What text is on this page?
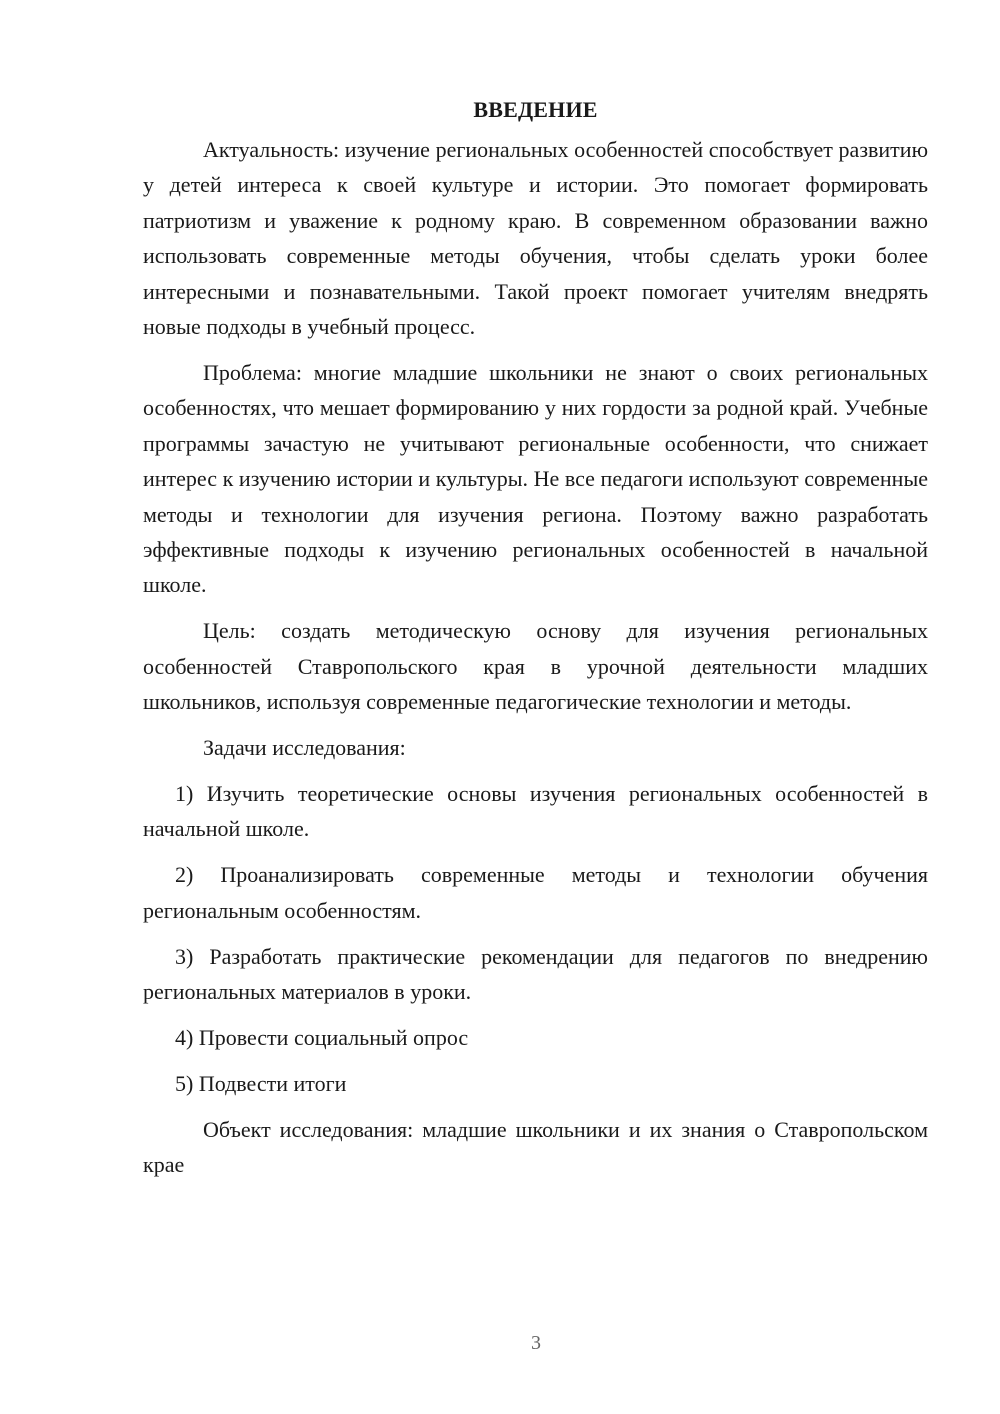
ВВЕДЕНИЕ

Актуальность: изучение региональных особенностей способствует развитию у детей интереса к своей культуре и истории. Это помогает формировать патриотизм и уважение к родному краю. В современном образовании важно использовать современные методы обучения, чтобы сделать уроки более интересными и познавательными. Такой проект помогает учителям внедрять новые подходы в учебный процесс.

Проблема: многие младшие школьники не знают о своих региональных особенностях, что мешает формированию у них гордости за родной край. Учебные программы зачастую не учитывают региональные особенности, что снижает интерес к изучению истории и культуры. Не все педагоги используют современные методы и технологии для изучения региона. Поэтому важно разработать эффективные подходы к изучению региональных особенностей в начальной школе.

Цель: создать методическую основу для изучения региональных особенностей Ставропольского края в урочной деятельности младших школьников, используя современные педагогические технологии и методы.

Задачи исследования:

1) Изучить теоретические основы изучения региональных особенностей в начальной школе.

2) Проанализировать современные методы и технологии обучения региональным особенностям.

3) Разработать практические рекомендации для педагогов по внедрению региональных материалов в уроки.

4) Провести социальный опрос

5) Подвести итоги

Объект исследования: младшие школьники и их знания о Ставропольском крае

3
